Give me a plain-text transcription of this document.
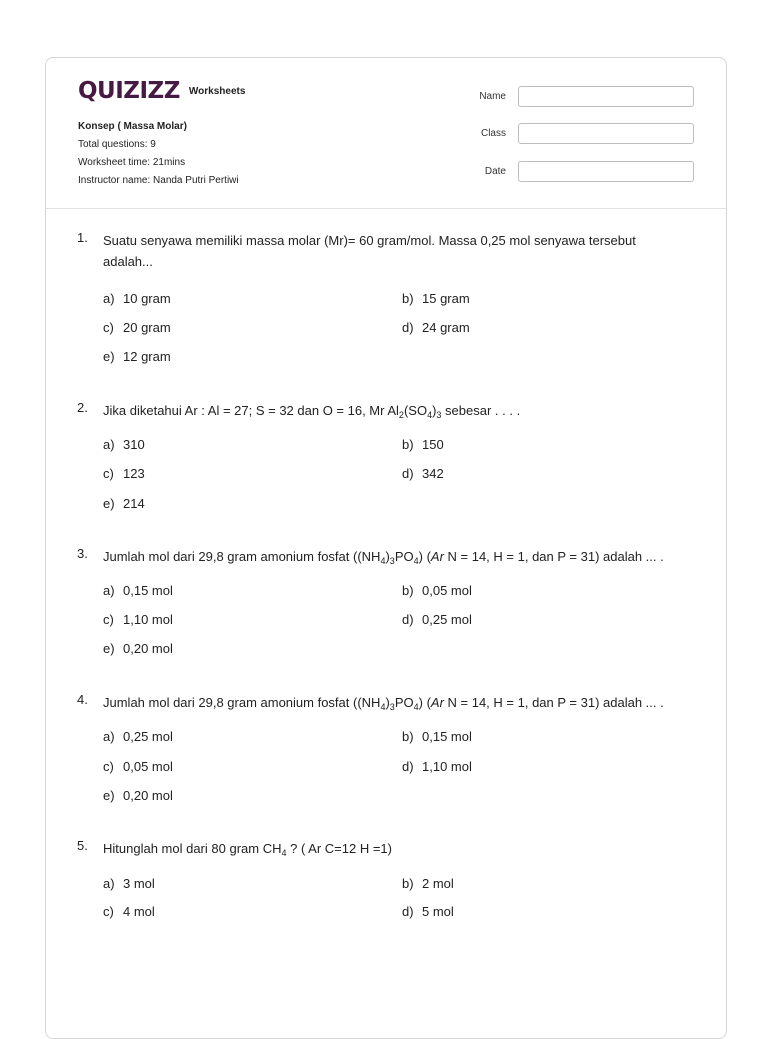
QUIZIZZ Worksheets
Konsep ( Massa Molar)
Total questions: 9
Worksheet time: 21mins
Instructor name: Nanda Putri Pertiwi
Name
Class
Date
1. Suatu senyawa memiliki massa molar (Mr)= 60 gram/mol. Massa 0,25 mol senyawa tersebut adalah...
a) 10 gram	b) 15 gram
c) 20 gram	d) 24 gram
e) 12 gram
2. Jika diketahui Ar : Al = 27; S = 32 dan O = 16, Mr $Al_2(SO_4)_3$ sebesar . . . .
a) 310	b) 150
c) 123	d) 342
e) 214
3. Jumlah mol dari 29,8 gram amonium fosfat $((NH_4)_3PO_4)$ (Ar N = 14, H = 1, dan P = 31) adalah ... .
a) 0,15 mol	b) 0,05 mol
c) 1,10 mol	d) 0,25 mol
e) 0,20 mol
4. Jumlah mol dari 29,8 gram amonium fosfat $((NH_4)_3PO_4)$ (Ar N = 14, H = 1, dan P = 31) adalah ... .
a) 0,25 mol	b) 0,15 mol
c) 0,05 mol	d) 1,10 mol
e) 0,20 mol
5. Hitunglah mol dari 80 gram $CH_4$ ? ( Ar C=12 H =1)
a) 3 mol	b) 2 mol
c) 4 mol	d) 5 mol
